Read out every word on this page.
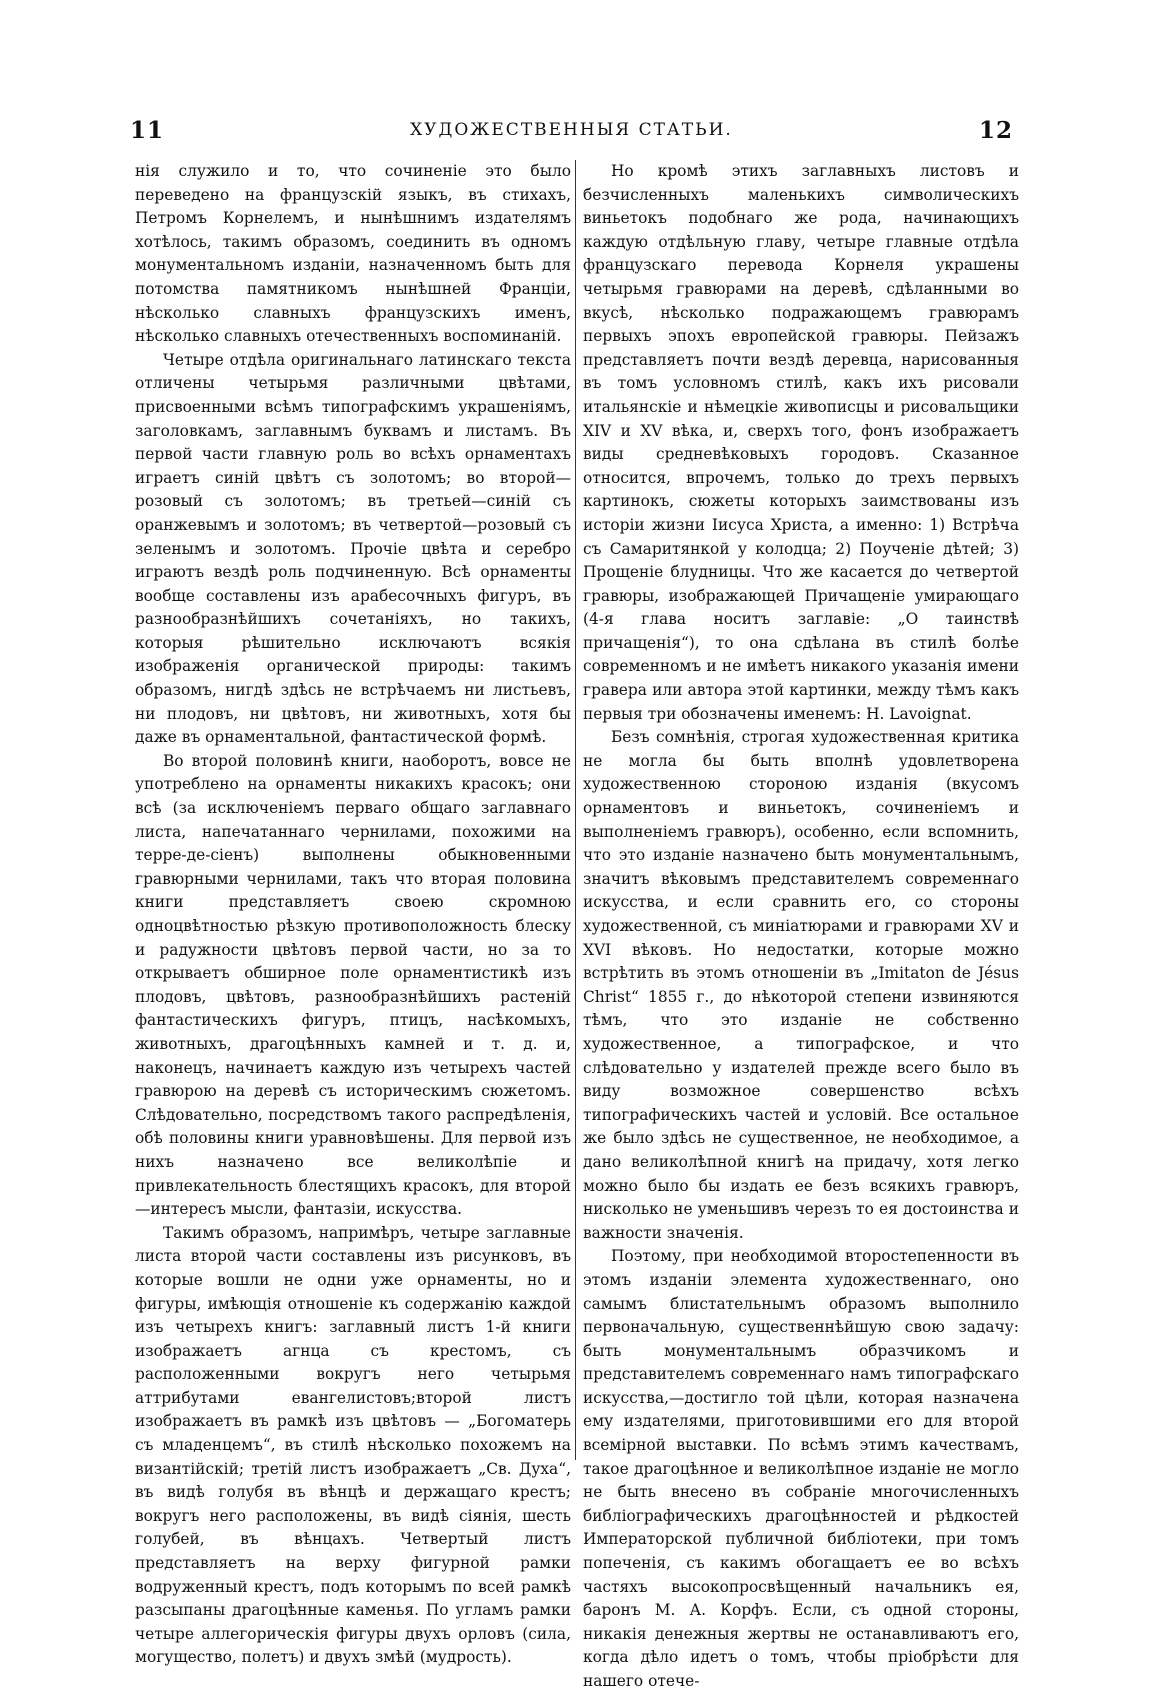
11	ХУДОЖЕСТВЕННЫЯ СТАТЬИ.	12

нія служило и то, что сочиненіе это было переведено на французскій языкъ, въ стихахъ, Петромъ Корнелемъ, и нынѣшнимъ издателямъ хотѣлось, такимъ образомъ, соединить въ одномъ монументальномъ изданіи, назначенномъ быть для потомства памятникомъ нынѣшней Франціи, нѣсколько славныхъ французскихъ именъ, нѣсколько славныхъ отечественныхъ воспоминаній.

Четыре отдѣла оригинальнаго латинскаго текста отличены четырьмя различными цвѣтами, присвоенными всѣмъ типографскимъ украшеніямъ, заголовкамъ, заглавнымъ буквамъ и листамъ. Въ первой части главную роль во всѣхъ орнаментахъ играетъ синій цвѣтъ съ золотомъ; во второй—розовый съ золотомъ; въ третьей—синій съ оранжевымъ и золотомъ; въ четвертой—розовый съ зеленымъ и золотомъ. Прочіе цвѣта и серебро играютъ вездѣ роль подчиненную. Всѣ орнаменты вообще составлены изъ арабесочныхъ фигуръ, въ разнообразнѣйшихъ сочетаніяхъ, но такихъ, которыя рѣшительно исключаютъ всякія изображенія органической природы: такимъ образомъ, нигдѣ здѣсь не встрѣчаемъ ни листьевъ, ни плодовъ, ни цвѣтовъ, ни животныхъ, хотя бы даже въ орнаментальной, фантастической формѣ.

Во второй половинѣ книги, наоборотъ, вовсе не употреблено на орнаменты никакихъ красокъ; они всѣ (за исключеніемъ перваго общаго заглавнаго листа, напечатаннаго чернилами, похожими на терре-де-сіенъ) выполнены обыкновенными гравюрными чернилами, такъ что вторая половина книги представляетъ своею скромною одноцвѣтностью рѣзкую противоположность блеску и радужности цвѣтовъ первой части, но за то открываетъ обширное поле орнаментистикѣ изъ плодовъ, цвѣтовъ, разнообразнѣйшихъ растеній фантастическихъ фигуръ, птицъ, насѣкомыхъ, животныхъ, драгоцѣнныхъ камней и т. д. и, наконецъ, начинаетъ каждую изъ четырехъ частей гравюрою на деревѣ съ историческимъ сюжетомъ. Слѣдовательно, посредствомъ такого распредѣленія, обѣ половины книги уравновѣшены. Для первой изъ нихъ назначено все великолѣпіе и привлекательность блестящихъ красокъ, для второй—интересъ мысли, фантазіи, искусства.

Такимъ образомъ, напримѣръ, четыре заглавные листа второй части составлены изъ рисунковъ, въ которые вошли не одни уже орнаменты, но и фигуры, имѣющія отношеніе къ содержанію каждой изъ четырехъ книгъ: заглавный листъ 1-й книги изображаетъ агнца съ крестомъ, съ расположенными вокругъ него четырьмя аттрибутами евангелистовъ;второй листъ изображаетъ въ рамкѣ изъ цвѣтовъ — „Богоматерь съ младенцемъ“, въ стилѣ нѣсколько похожемъ на византійскій; третій листъ изображаетъ „Св. Духа“, въ видѣ голубя въ вѣнцѣ и держащаго крестъ; вокругъ него расположены, въ видѣ сіянія, шесть голубей, въ вѣнцахъ. Четвертый листъ представляетъ на верху фигурной рамки водруженный крестъ, подъ которымъ по всей рамкѣ разсыпаны драгоцѣнные каменья. По угламъ рамки четыре аллегорическія фигуры двухъ орловъ (сила, могущество, полетъ) и двухъ змѣй (мудрость).

Но кромѣ этихъ заглавныхъ листовъ и безчисленныхъ маленькихъ символическихъ виньетокъ подобнаго же рода, начинающихъ каждую отдѣльную главу, четыре главные отдѣла французскаго перевода Корнеля украшены четырьмя гравюрами на деревѣ, сдѣланными во вкусѣ, нѣсколько подражающемъ гравюрамъ первыхъ эпохъ европейской гравюры. Пейзажъ представляетъ почти вездѣ деревца, нарисованныя въ томъ условномъ стилѣ, какъ ихъ рисовали итальянскіе и нѣмецкіе живописцы и рисовальщики XIV и XV вѣка, и, сверхъ того, фонъ изображаетъ виды средневѣковыхъ городовъ. Сказанное относится, впрочемъ, только до трехъ первыхъ картинокъ, сюжеты которыхъ заимствованы изъ исторіи жизни Іисуса Христа, а именно: 1) Встрѣча съ Самаритянкой у колодца; 2) Поученіе дѣтей; 3) Прощеніе блудницы. Что же касается до четвертой гравюры, изображающей Причащеніе умирающаго (4-я глава носитъ заглавіе: „О таинствѣ причащенія“), то она сдѣлана въ стилѣ болѣе современномъ и не имѣетъ никакого указанія имени гравера или автора этой картинки, между тѣмъ какъ первыя три обозначены именемъ: H. Lavoignat.

Безъ сомнѣнія, строгая художественная критика не могла бы быть вполнѣ удовлетворена художественною стороною изданія (вкусомъ орнаментовъ и виньетокъ, сочиненіемъ и выполненіемъ гравюръ), особенно, если вспомнить, что это изданіе назначено быть монументальнымъ, значитъ вѣковымъ представителемъ современнаго искусства, и если сравнить его, со стороны художественной, съ миніатюрами и гравюрами XV и XVI вѣковъ. Но недостатки, которые можно встрѣтить въ этомъ отношеніи въ „Imitaton de Jésus Christ“ 1855 г., до нѣкоторой степени извиняются тѣмъ, что это изданіе не собственно художественное, а типографское, и что слѣдовательно у издателей прежде всего было въ виду возможное совершенство всѣхъ типографическихъ частей и условій. Все остальное же было здѣсь не существенное, не необходимое, а дано великолѣпной книгѣ на придачу, хотя легко можно было бы издать ее безъ всякихъ гравюръ, нисколько не уменьшивъ черезъ то ея достоинства и важности значенія.

Поэтому, при необходимой второстепенности въ этомъ изданіи элемента художественнаго, оно самымъ блистательнымъ образомъ выполнило первоначальную, существеннѣйшую свою задачу: быть монументальнымъ образчикомъ и представителемъ современнаго намъ типографскаго искусства,—достигло той цѣли, которая назначена ему издателями, приготовившими его для второй всемірной выставки. По всѣмъ этимъ качествамъ, такое драгоцѣнное и великолѣпное изданіе не могло не быть внесено въ собраніе многочисленныхъ библіографическихъ драгоцѣнностей и рѣдкостей Императорской публичной библіотеки, при томъ попеченія, съ какимъ обогащаетъ ее во всѣхъ частяхъ высокопросвѣщенный начальникъ ея, баронъ М. А. Корфъ. Если, съ одной стороны, никакія денежныя жертвы не останавливаютъ его, когда дѣло идетъ о томъ, чтобы пріобрѣсти для нашего отече-
